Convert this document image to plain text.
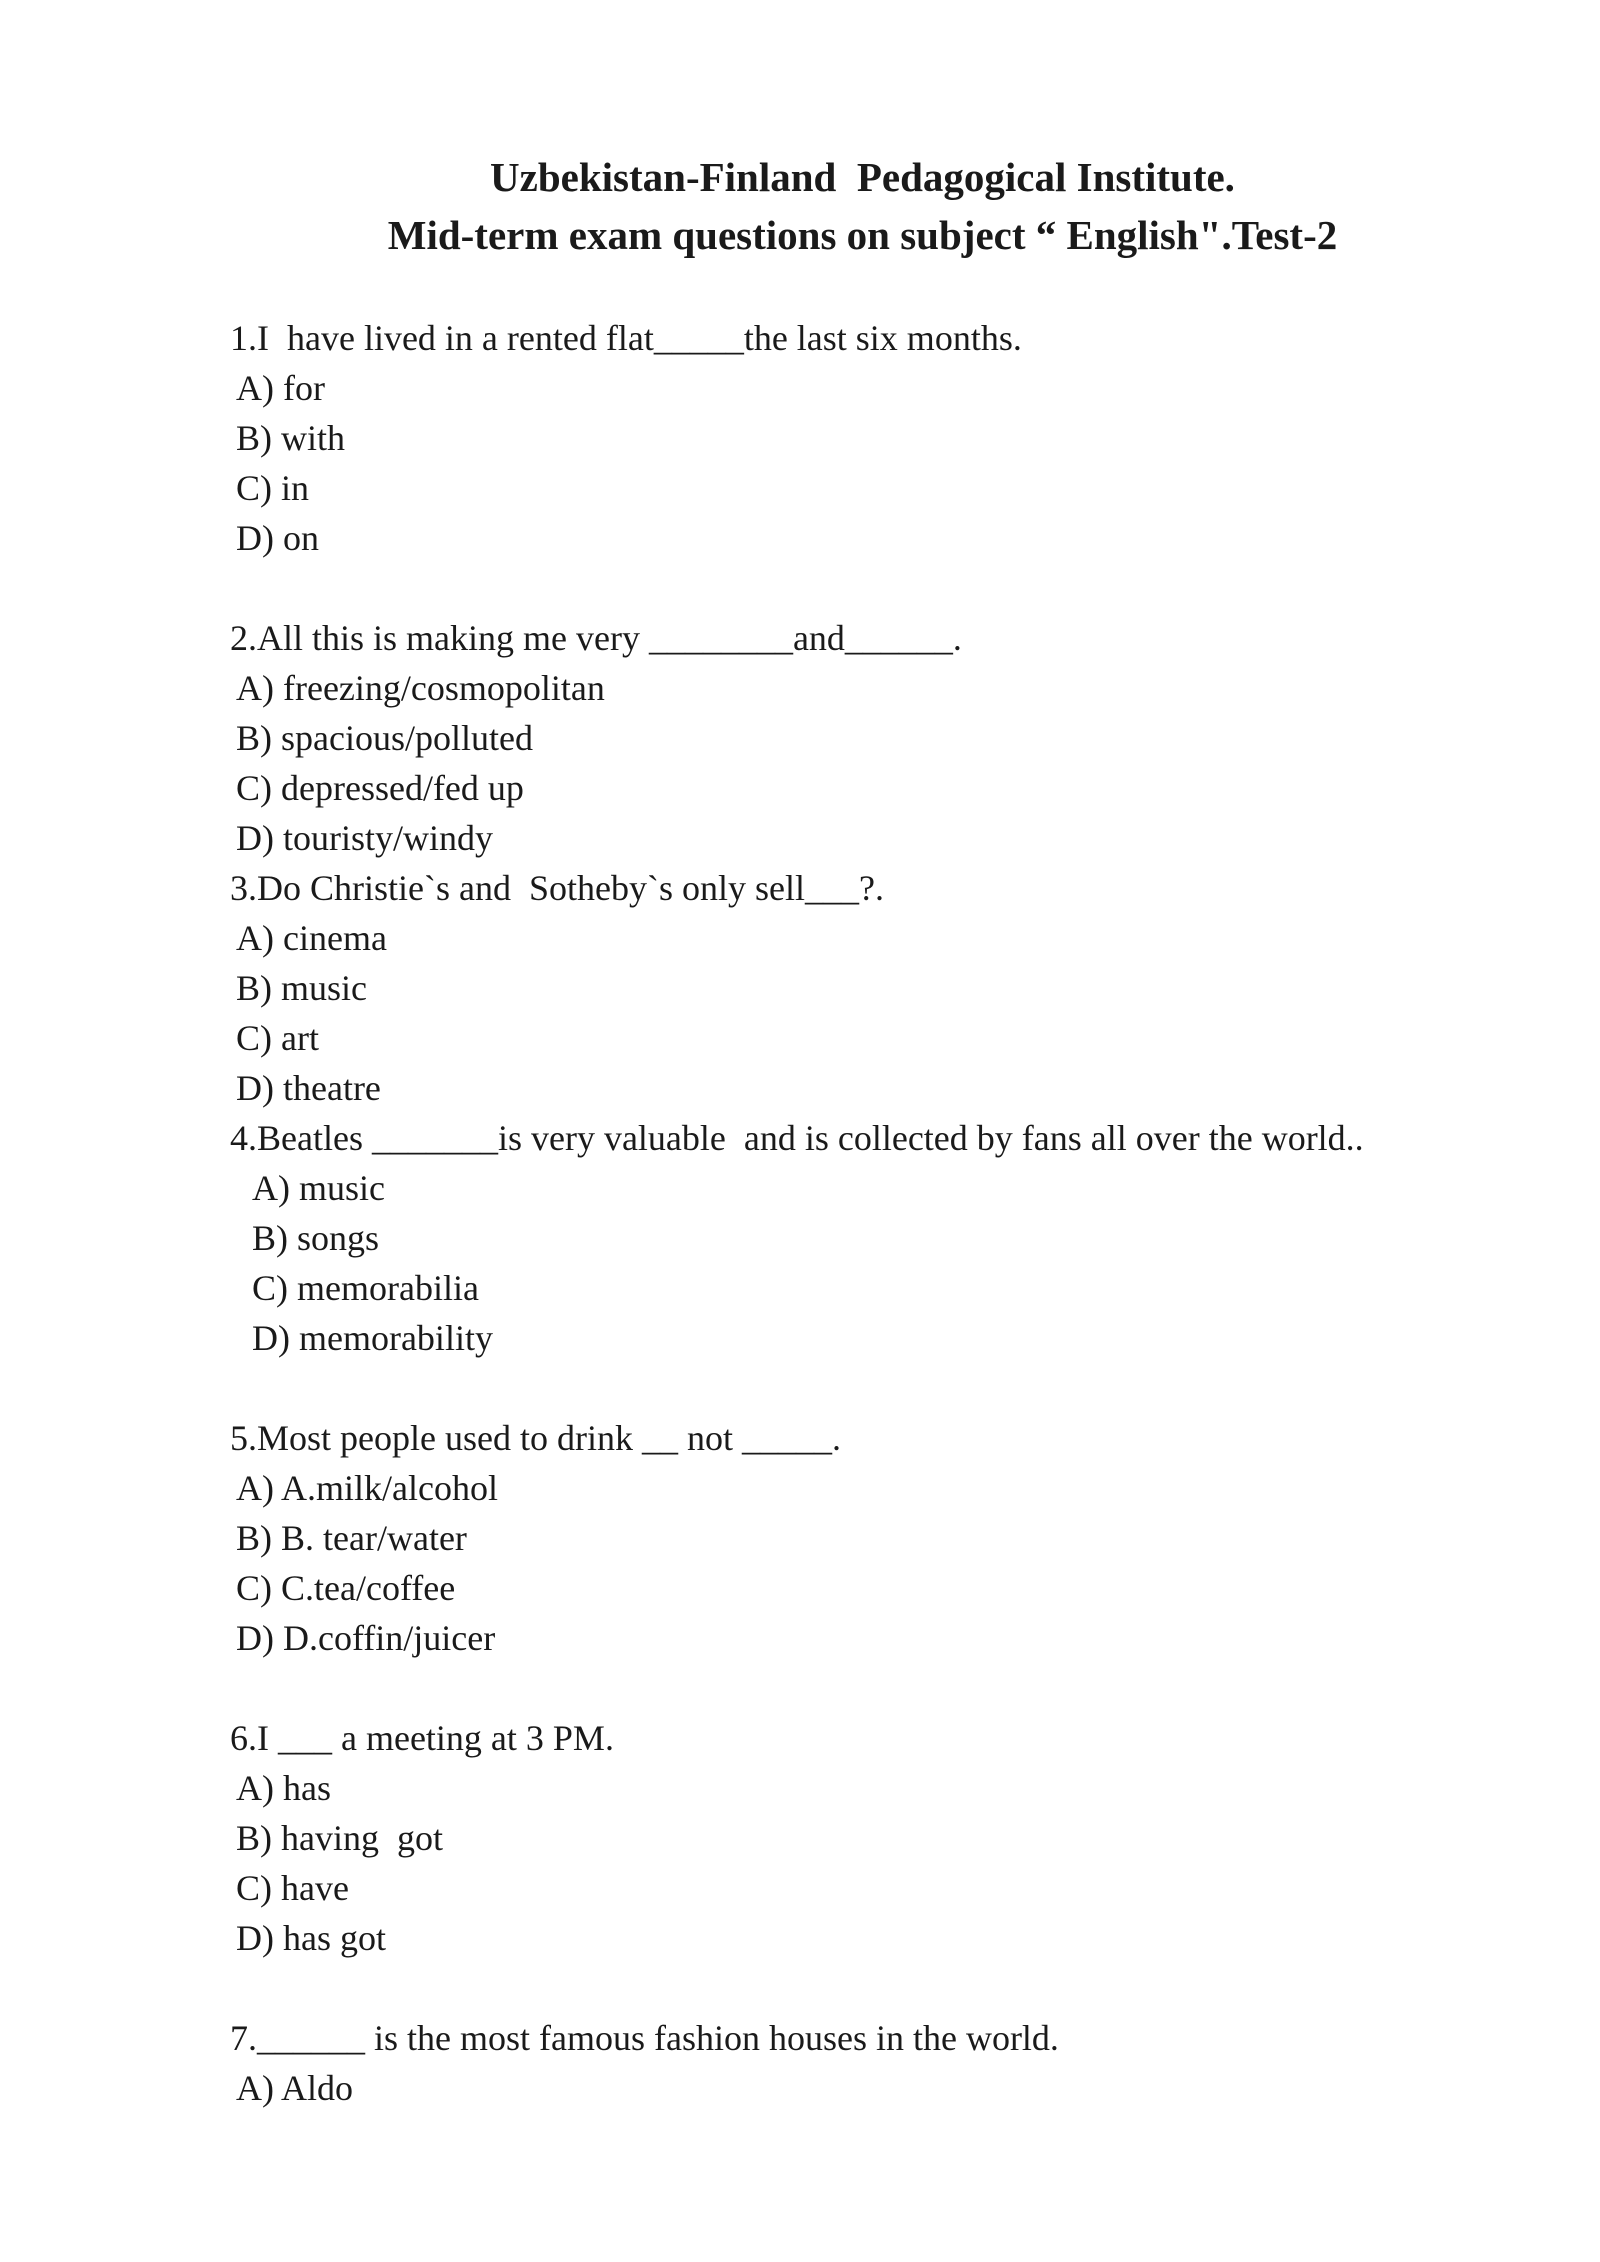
Uzbekistan-Finland  Pedagogical Institute.
Mid-term exam questions on subject “ English".Test-2
1.I  have lived in a rented flat_____the last six months.
A) for
B) with
C) in
D) on
2.All this is making me very ________and______.
A) freezing/cosmopolitan
B) spacious/polluted
C) depressed/fed up
D) touristy/windy
3.Do Christie`s and  Sotheby`s only sell___?.
A) cinema
B) music
C) art
D) theatre
4.Beatles _______is very valuable  and is collected by fans all over the world..
A) music
B) songs
C) memorabilia
D) memorability
5.Most people used to drink __ not _____.
A) A.milk/alcohol
B) B. tear/water
C) C.tea/coffee
D) D.coffin/juicer
6.I ___ a meeting at 3 PM.
A) has
B) having  got
C) have
D) has got
7.______ is the most famous fashion houses in the world.
A) Aldo
